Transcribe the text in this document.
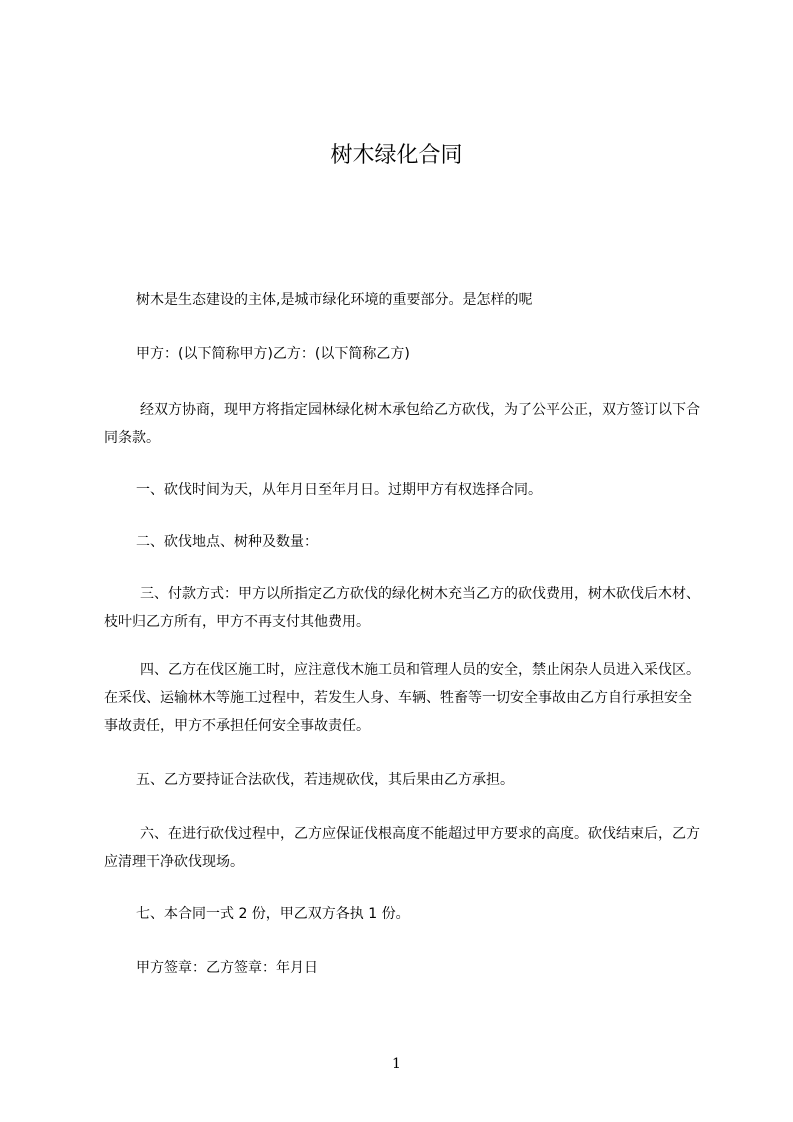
树木绿化合同

树木是生态建设的主体,是城市绿化环境的重要部分。是怎样的呢

甲方：(以下简称甲方)乙方：(以下简称乙方)

经双方协商，现甲方将指定园林绿化树木承包给乙方砍伐，为了公平公正，双方签订以下合同条款。

一、砍伐时间为天，从年月日至年月日。过期甲方有权选择合同。

二、砍伐地点、树种及数量：

三、付款方式：甲方以所指定乙方砍伐的绿化树木充当乙方的砍伐费用，树木砍伐后木材、枝叶归乙方所有，甲方不再支付其他费用。

四、乙方在伐区施工时，应注意伐木施工员和管理人员的安全，禁止闲杂人员进入采伐区。在采伐、运输林木等施工过程中，若发生人身、车辆、牲畜等一切安全事故由乙方自行承担安全事故责任，甲方不承担任何安全事故责任。

五、乙方要持证合法砍伐，若违规砍伐，其后果由乙方承担。

六、在进行砍伐过程中，乙方应保证伐根高度不能超过甲方要求的高度。砍伐结束后，乙方应清理干净砍伐现场。

七、本合同一式 2 份，甲乙双方各执 1 份。

甲方签章：乙方签章：年月日

1
